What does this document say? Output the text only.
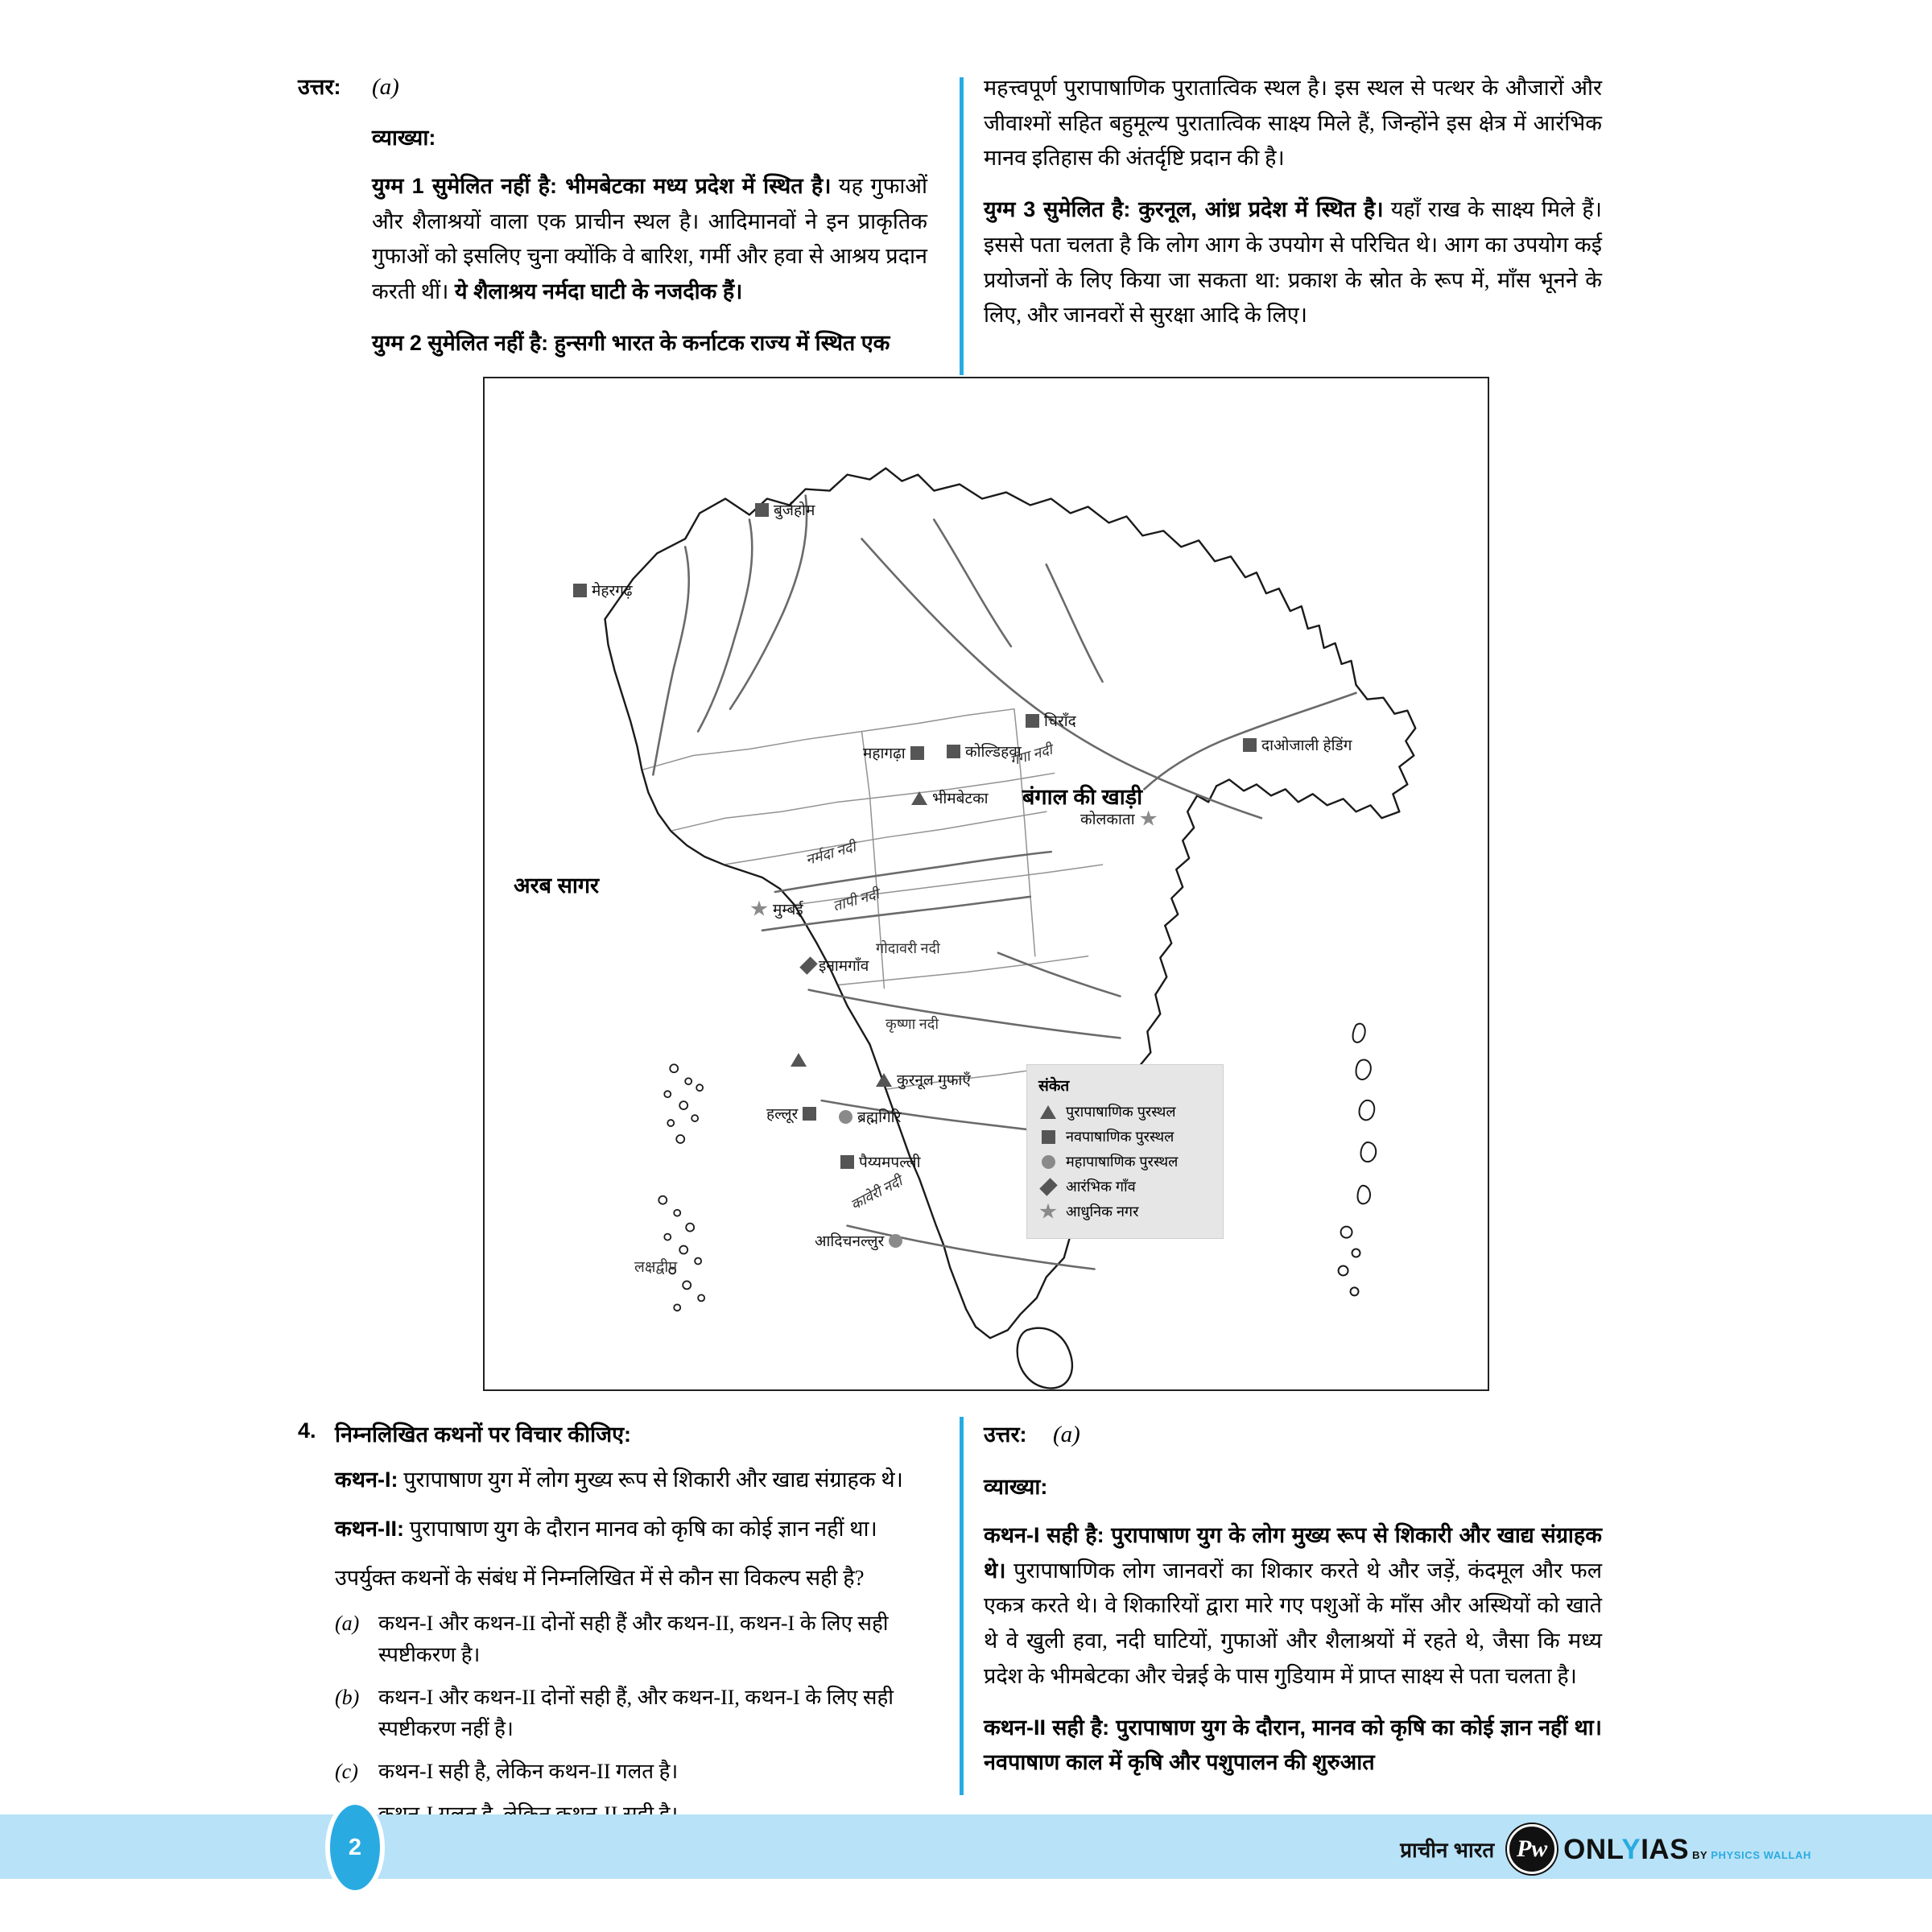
उत्तर:	(a)
व्याख्या:

युग्म 1 सुमेलित नहीं है: भीमबेटका मध्य प्रदेश में स्थित है। यह गुफाओं और शैलाश्रयों वाला एक प्राचीन स्थल है। आदिमानवों ने इन प्राकृतिक गुफाओं को इसलिए चुना क्योंकि वे बारिश, गर्मी और हवा से आश्रय प्रदान करती थीं। ये शैलाश्रय नर्मदा घाटी के नजदीक हैं।

युग्म 2 सुमेलित नहीं है: हुन्सगी भारत के कर्नाटक राज्य में स्थित एक

महत्त्वपूर्ण पुरापाषाणिक पुरातात्विक स्थल है। इस स्थल से पत्थर के औजारों और जीवाश्मों सहित बहुमूल्य पुरातात्विक साक्ष्य मिले हैं, जिन्होंने इस क्षेत्र में आरंभिक मानव इतिहास की अंतर्दृष्टि प्रदान की है।

युग्म 3 सुमेलित है: कुरनूल, आंध्र प्रदेश में स्थित है। यहाँ राख के साक्ष्य मिले हैं। इससे पता चलता है कि लोग आग के उपयोग से परिचित थे। आग का उपयोग कई प्रयोजनों के लिए किया जा सकता था: प्रकाश के स्रोत के रूप में, माँस भूनने के लिए, और जानवरों से सुरक्षा आदि के लिए।

अरब सागर
बंगाल की खाड़ी
बुर्जहोम
मेहरगढ़
चिराँद
दाओजाली हेडिंग
महागढ़ा	कोल्डिहवा
भीमबेटका
कोलकाता
मुम्बई
इनामगाँव
कुरनूल गुफाएँ
हल्लूर	ब्रह्मगिरि
पैय्यमपल्ली
आदिचनल्लुर
गंगा नदी
नर्मदा नदी
तापी नदी
गोदावरी नदी
कृष्णा नदी
कावेरी नदी
लक्षद्वीप
संकेत
पुरापाषाणिक पुरस्थल
नवपाषाणिक पुरस्थल
महापाषाणिक पुरस्थल
आरंभिक गाँव
आधुनिक नगर
4. निम्नलिखित कथनों पर विचार कीजिए:
कथन-I: पुरापाषाण युग में लोग मुख्य रूप से शिकारी और खाद्य संग्राहक थे।
कथन-II: पुरापाषाण युग के दौरान मानव को कृषि का कोई ज्ञान नहीं था।
उपर्युक्त कथनों के संबंध में निम्नलिखित में से कौन सा विकल्प सही है?
(a) कथन-I और कथन-II दोनों सही हैं और कथन-II, कथन-I के लिए सही स्पष्टीकरण है।
(b) कथन-I और कथन-II दोनों सही हैं, और कथन-II, कथन-I के लिए सही स्पष्टीकरण नहीं है।
(c) कथन-I सही है, लेकिन कथन-II गलत है।
उत्तर:	(a)
व्याख्या:

कथन-I सही है: पुरापाषाण युग के लोग मुख्य रूप से शिकारी और खाद्य संग्राहक थे। पुरापाषाणिक लोग जानवरों का शिकार करते थे और जड़ें, कंदमूल और फल एकत्र करते थे। वे शिकारियों द्वारा मारे गए पशुओं के माँस और अस्थियों को खाते थे वे खुली हवा, नदी घाटियों, गुफाओं और शैलाश्रयों में रहते थे, जैसा कि मध्य प्रदेश के भीमबेटका और चेन्नई के पास गुडियाम में प्राप्त साक्ष्य से पता चलता है।

कथन-II सही है: पुरापाषाण युग के दौरान, मानव को कृषि का कोई ज्ञान नहीं था। नवपाषाण काल में कृषि और पशुपालन की शुरुआत

2	प्राचीन भारत Pw ONLYIAS BY PHYSICS WALLAH
